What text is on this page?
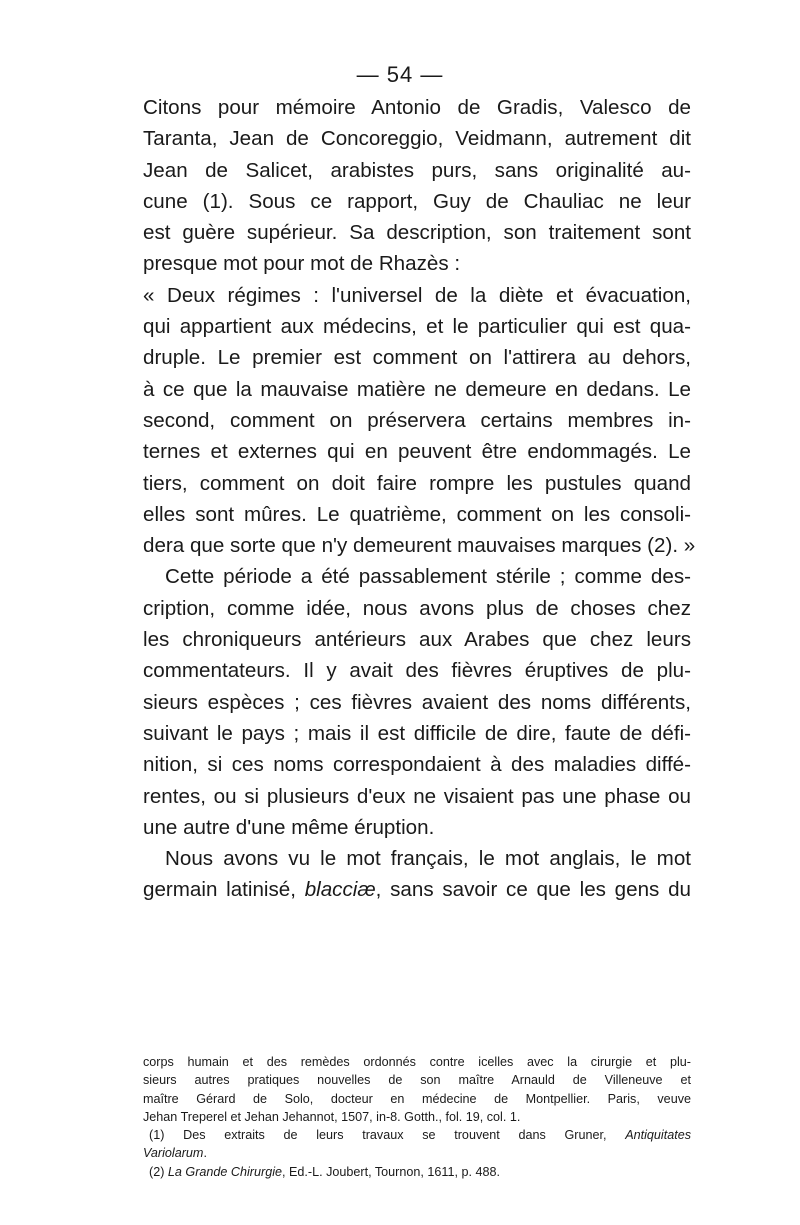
— 54 —
Citons pour mémoire Antonio de Gradis, Valesco de
Taranta, Jean de Concoreggio, Veidmann, autrement dit
Jean de Salicet, arabistes purs, sans originalité au-
cune (1). Sous ce rapport, Guy de Chauliac ne leur
est guère supérieur. Sa description, son traitement sont
presque mot pour mot de Rhazès :
« Deux régimes : l'universel de la diète et évacuation,
qui appartient aux médecins, et le particulier qui est qua-
druple. Le premier est comment on l'attirera au dehors,
à ce que la mauvaise matière ne demeure en dedans. Le
second, comment on préservera certains membres in-
ternes et externes qui en peuvent être endommagés. Le
tiers, comment on doit faire rompre les pustules quand
elles sont mûres. Le quatrième, comment on les consoli-
dera que sorte que n'y demeurent mauvaises marques (2). »
Cette période a été passablement stérile ; comme des-
cription, comme idée, nous avons plus de choses chez
les chroniqueurs antérieurs aux Arabes que chez leurs
commentateurs. Il y avait des fièvres éruptives de plu-
sieurs espèces ; ces fièvres avaient des noms différents,
suivant le pays ; mais il est difficile de dire, faute de défi-
nition, si ces noms correspondaient à des maladies diffé-
rentes, ou si plusieurs d'eux ne visaient pas une phase ou
une autre d'une même éruption.
Nous avons vu le mot français, le mot anglais, le mot
germain latinisé, blacciæ, sans savoir ce que les gens du
corps humain et des remèdes ordonnés contre icelles avec la cirurgie et plu-
sieurs autres pratiques nouvelles de son maître Arnauld de Villeneuve et
maître Gérard de Solo, docteur en médecine de Montpellier. Paris, veuve
Jehan Treperel et Jehan Jehannot, 1507, in-8. Gotth., fol. 19, col. 1.
(1) Des extraits de leurs travaux se trouvent dans Gruner, Antiquitates
Variolarum.
(2) La Grande Chirurgie, Ed.-L. Joubert, Tournon, 1611, p. 488.
